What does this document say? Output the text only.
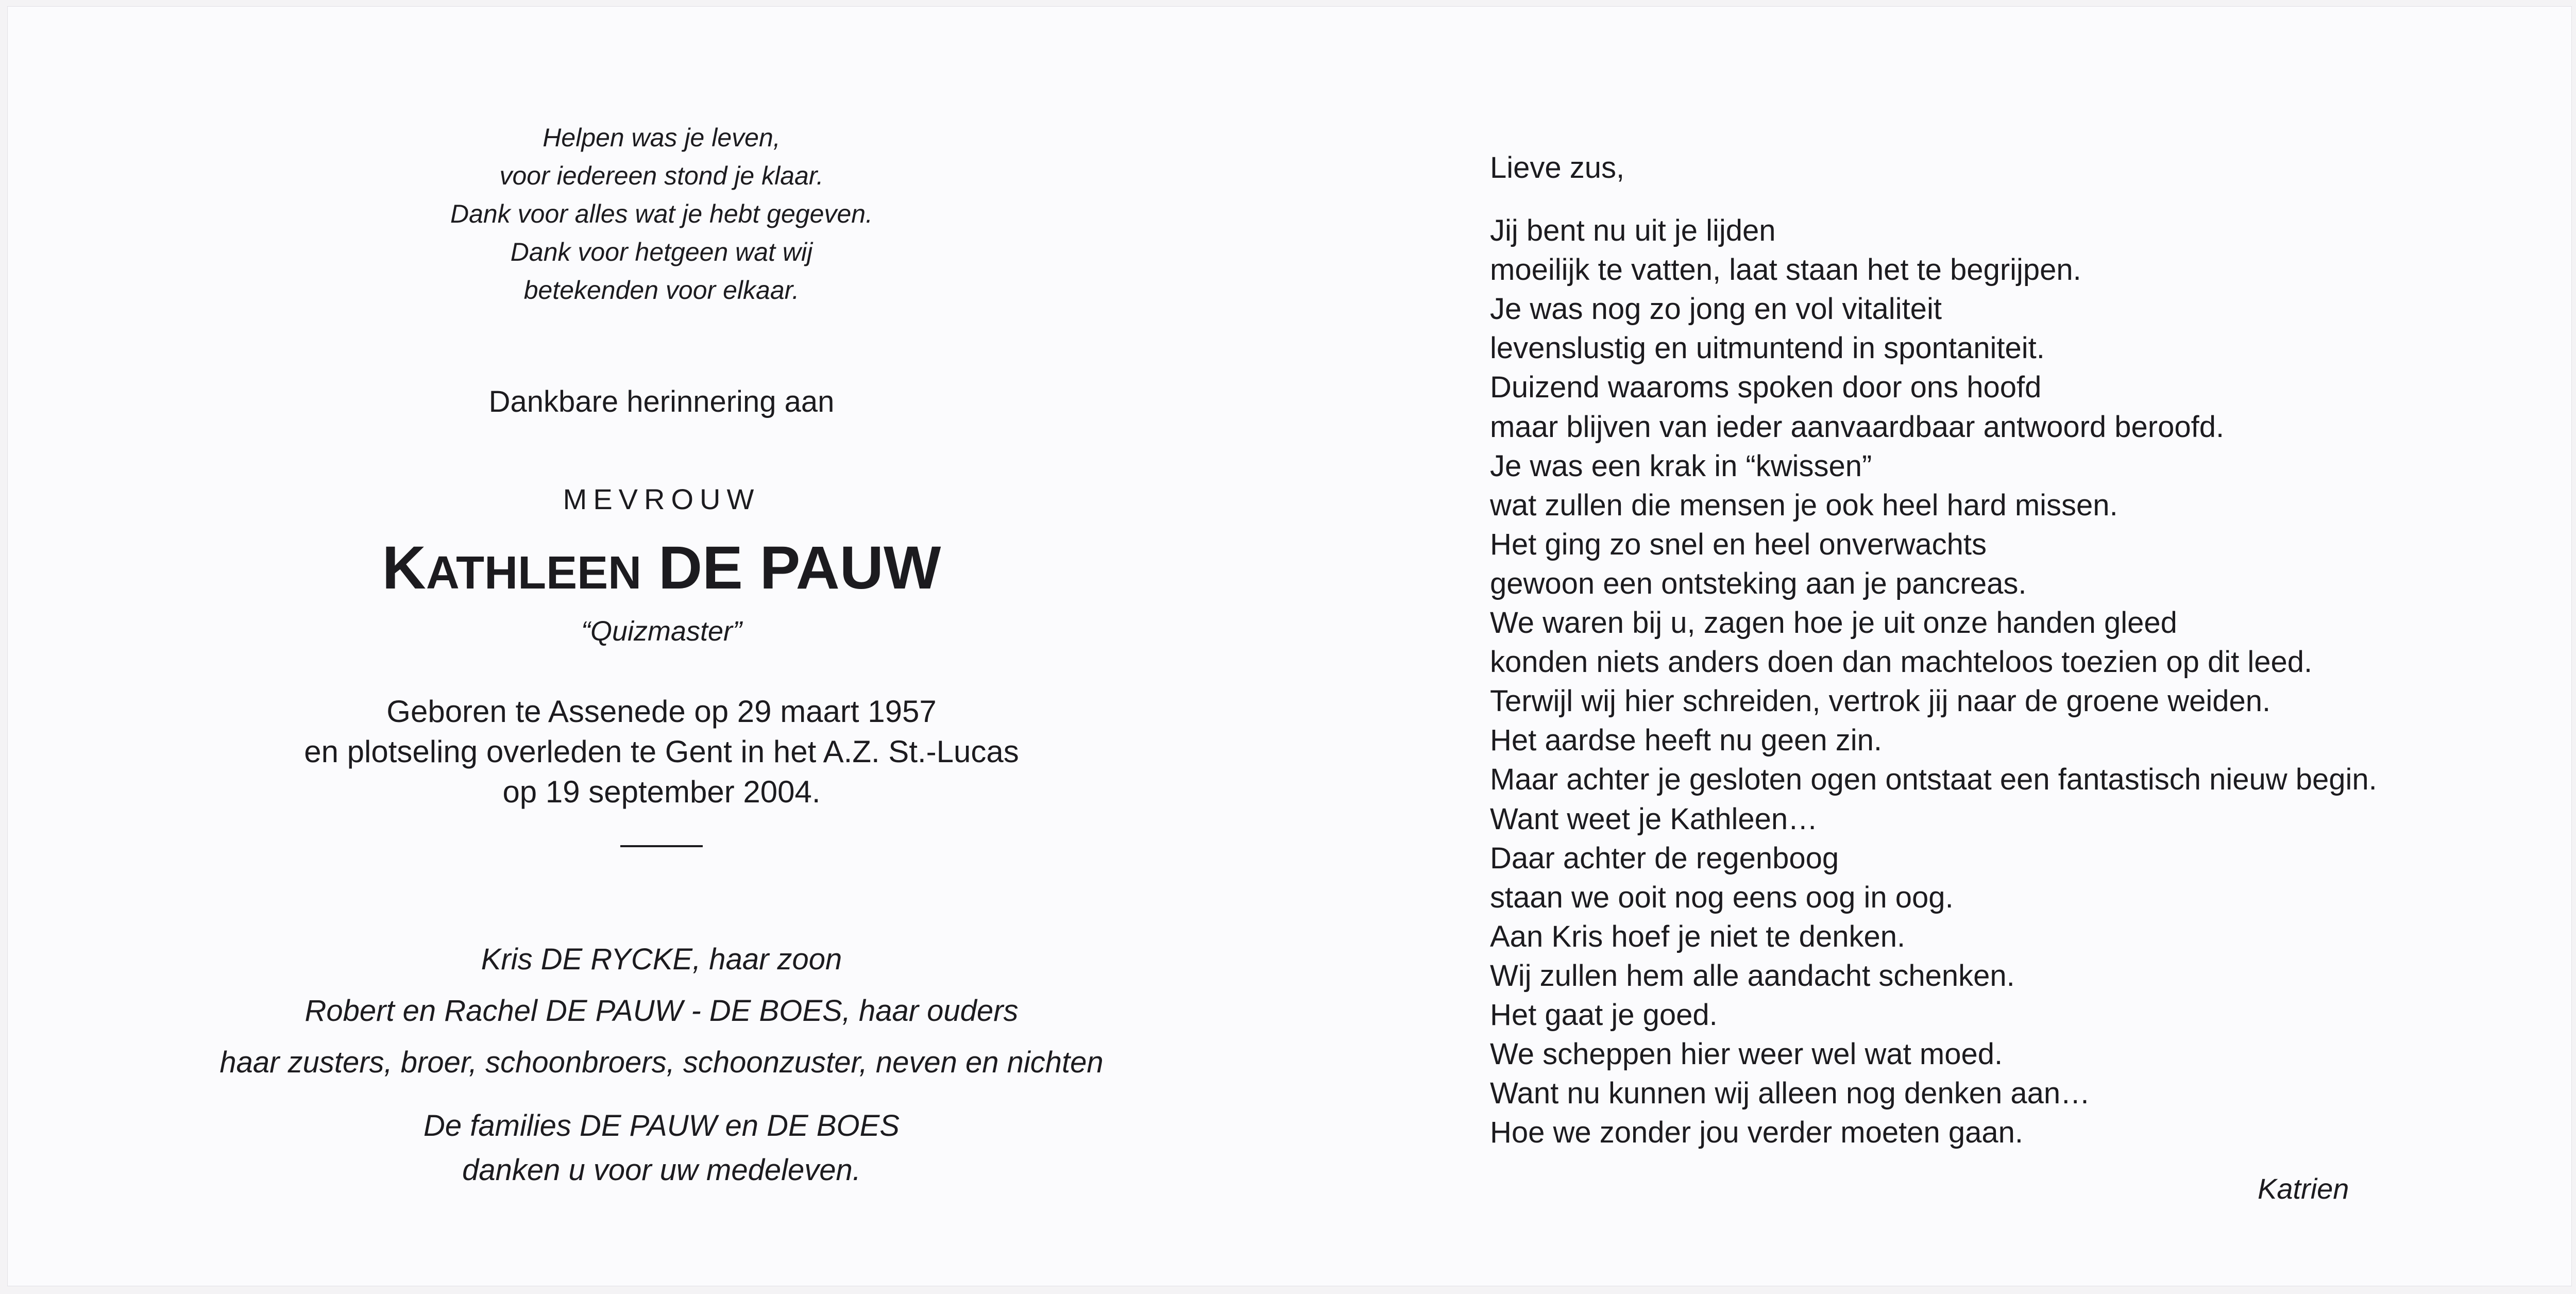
Helpen was je leven,
voor iedereen stond je klaar.
Dank voor alles wat je hebt gegeven.
Dank voor hetgeen wat wij
betekenden voor elkaar.
Dankbare herinnering aan
MEVROUW
KATHLEEN DE PAUW
“Quizmaster”
Geboren te Assenede op 29 maart 1957
en plotseling overleden te Gent in het A.Z. St.-Lucas
op 19 september 2004.
Kris DE RYCKE, haar zoon
Robert en Rachel DE PAUW - DE BOES, haar ouders
haar zusters, broer, schoonbroers, schoonzuster, neven en nichten
De families DE PAUW en DE BOES
danken u voor uw medeleven.
Lieve zus,
Jij bent nu uit je lijden
moeilijk te vatten, laat staan het te begrijpen.
Je was nog zo jong en vol vitaliteit
levenslustig en uitmuntend in spontaniteit.
Duizend waaroms spoken door ons hoofd
maar blijven van ieder aanvaardbaar antwoord beroofd.
Je was een krak in “kwissen”
wat zullen die mensen je ook heel hard missen.
Het ging zo snel en heel onverwachts
gewoon een ontsteking aan je pancreas.
We waren bij u, zagen hoe je uit onze handen gleed
konden niets anders doen dan machteloos toezien op dit leed.
Terwijl wij hier schreiden, vertrok jij naar de groene weiden.
Het aardse heeft nu geen zin.
Maar achter je gesloten ogen ontstaat een fantastisch nieuw begin.
Want weet je Kathleen…
Daar achter de regenboog
staan we ooit nog eens oog in oog.
Aan Kris hoef je niet te denken.
Wij zullen hem alle aandacht schenken.
Het gaat je goed.
We scheppen hier weer wel wat moed.
Want nu kunnen wij alleen nog denken aan…
Hoe we zonder jou verder moeten gaan.
Katrien
